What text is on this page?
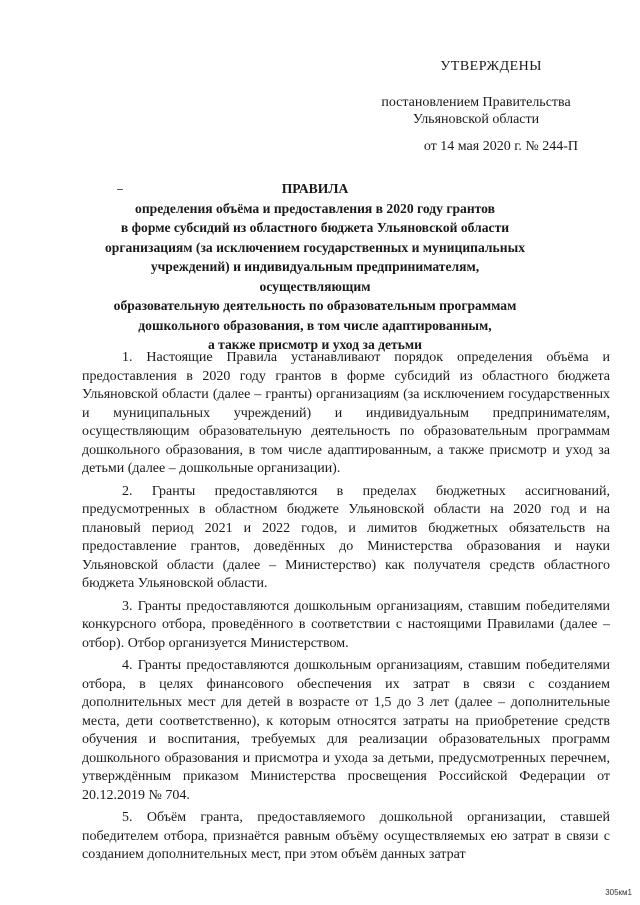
УТВЕРЖДЕНЫ
постановлением Правительства
Ульяновской области
от 14 мая 2020 г. № 244-П
ПРАВИЛА
определения объёма и предоставления в 2020 году грантов
в форме субсидий из областного бюджета Ульяновской области
организациям (за исключением государственных и муниципальных
учреждений) и индивидуальным предпринимателям, осуществляющим
образовательную деятельность по образовательным программам
дошкольного образования, в том числе адаптированным,
а также присмотр и уход за детьми

1. Настоящие Правила устанавливают порядок определения объёма и предоставления в 2020 году грантов в форме субсидий из областного бюджета Ульяновской области (далее – гранты) организациям (за исключением государственных и муниципальных учреждений) и индивидуальным предпринимателям, осуществляющим образовательную деятельность по образовательным программам дошкольного образования, в том числе адаптированным, а также присмотр и уход за детьми (далее – дошкольные организации).

2. Гранты предоставляются в пределах бюджетных ассигнований, предусмотренных в областном бюджете Ульяновской области на 2020 год и на плановый период 2021 и 2022 годов, и лимитов бюджетных обязательств на предоставление грантов, доведённых до Министерства образования и науки Ульяновской области (далее – Министерство) как получателя средств областного бюджета Ульяновской области.

3. Гранты предоставляются дошкольным организациям, ставшим победителями конкурсного отбора, проведённого в соответствии с настоящими Правилами (далее – отбор). Отбор организуется Министерством.

4. Гранты предоставляются дошкольным организациям, ставшим победителями отбора, в целях финансового обеспечения их затрат в связи с созданием дополнительных мест для детей в возрасте от 1,5 до 3 лет (далее – дополнительные места, дети соответственно), к которым относятся затраты на приобретение средств обучения и воспитания, требуемых для реализации образовательных программ дошкольного образования и присмотра и ухода за детьми, предусмотренных перечнем, утверждённым приказом Министерства просвещения Российской Федерации от 20.12.2019 № 704.

5. Объём гранта, предоставляемого дошкольной организации, ставшей победителем отбора, признаётся равным объёму осуществляемых ею затрат в связи с созданием дополнительных мест, при этом объём данных затрат

305км1
